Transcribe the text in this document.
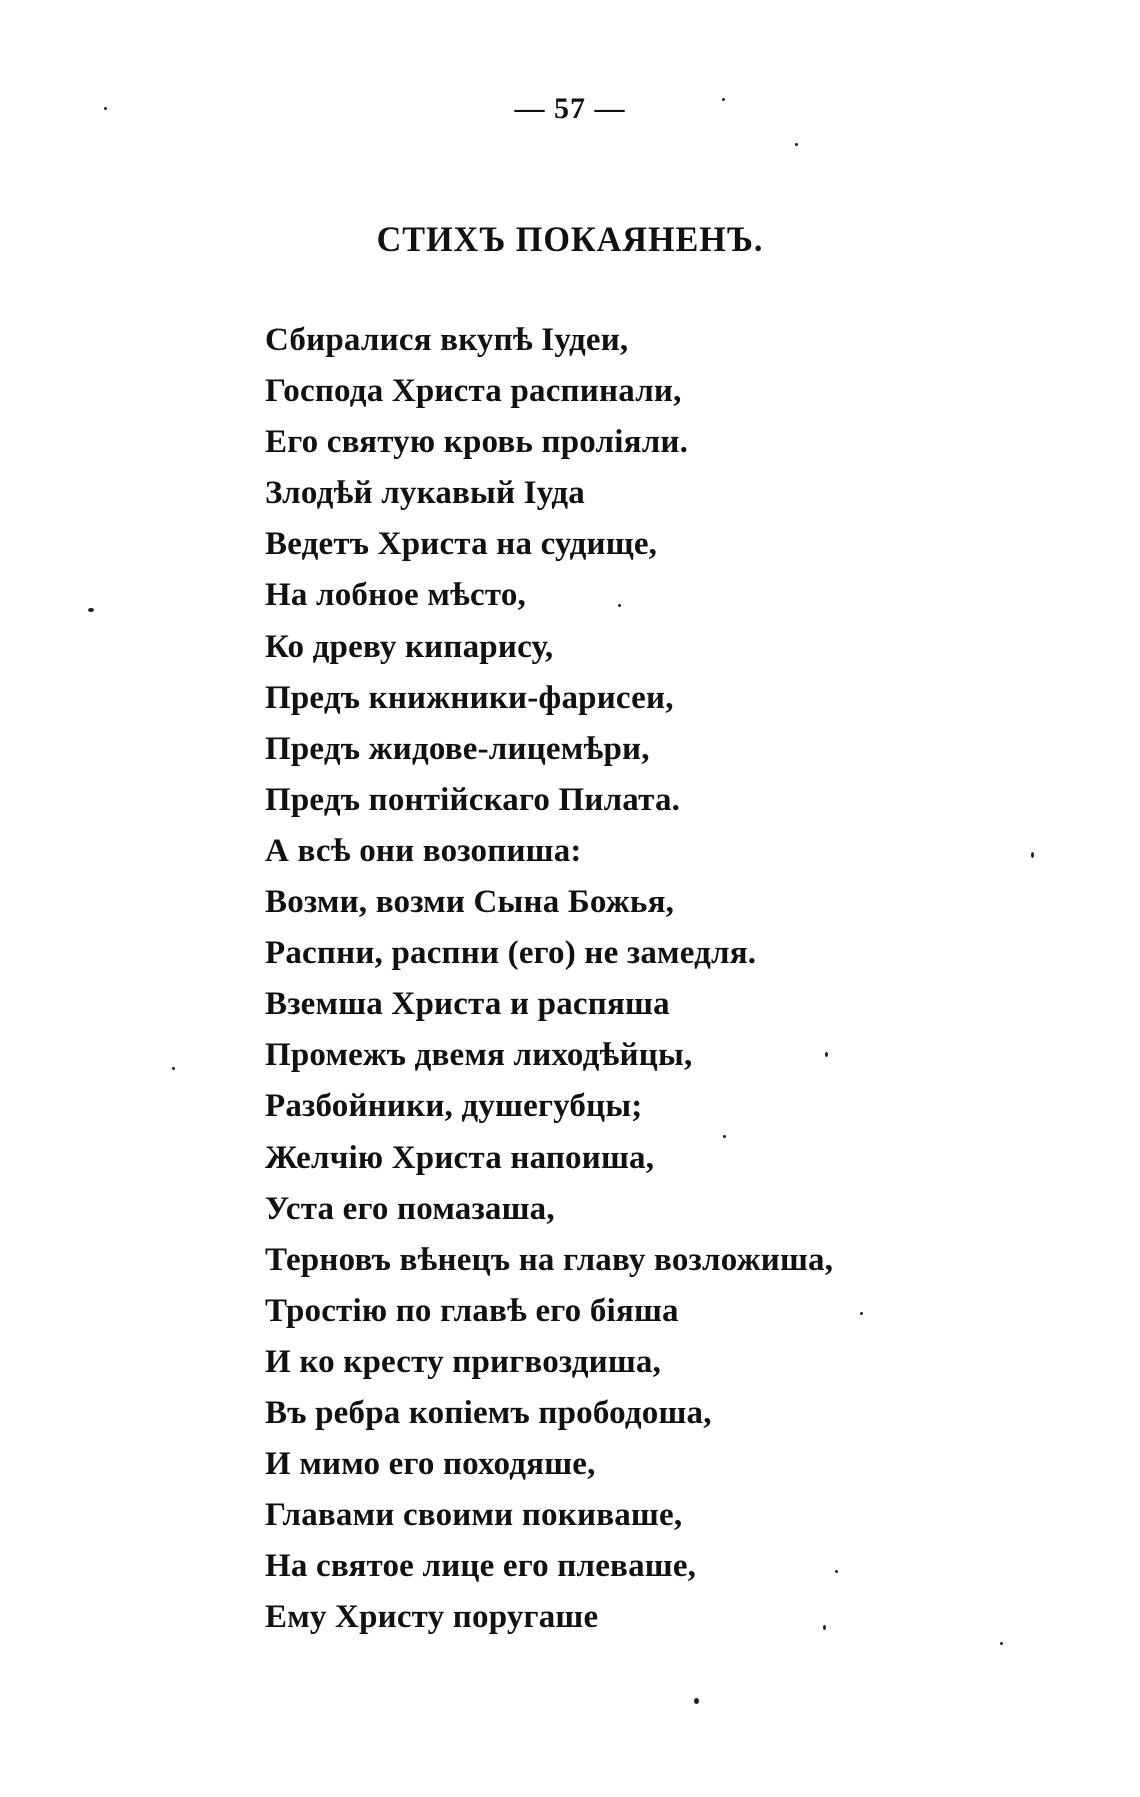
— 57 —
СТИХЪ ПОКАЯНЕНЪ.
Сбиралися вкупѣ Іудеи,
Господа Христа распинали,
Его святую кровь проліяли.
Злодѣй лукавый Іуда
Ведетъ Христа на судище,
На лобное мѣсто,
Ко древу кипарису,
Предъ книжники-фарисеи,
Предъ жидове-лицемѣри,
Предъ понтійскаго Пилата.
А всѣ они возопиша:
Возми, возми Сына Божья,
Распни, распни (его) не замедля.
Вземша Христа и распяша
Промежъ двемя лиходѣйцы,
Разбойники, душегубцы;
Желчію Христа напоиша,
Уста его помазаша,
Терновъ вѣнецъ на главу возложиша,
Тростію по главѣ его біяша
И ко кресту пригвоздиша,
Въ ребра копіемъ прободоша,
И мимо его походяше,
Главами своими покиваше,
На святое лице его плеваше,
Ему Христу поругаше
